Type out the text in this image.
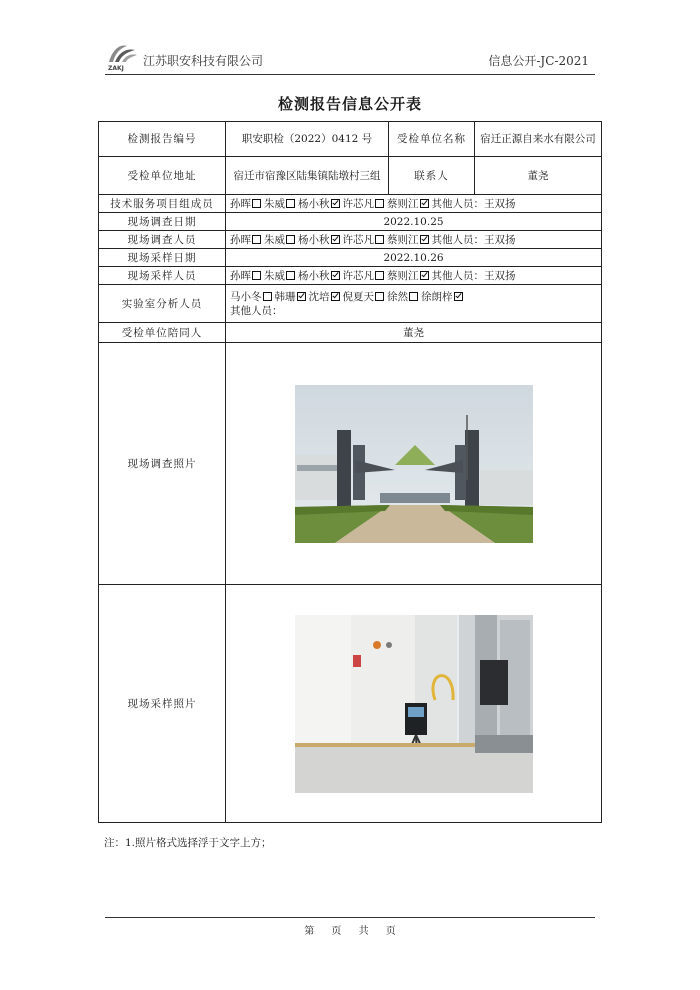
ZAKJ
江苏职安科技有限公司	信息公开-JC-2021
检测报告信息公开表
检测报告编号	职安职检（2022）0412 号	受检单位名称	宿迁正源自来水有限公司
受检单位地址	宿迁市宿豫区陆集镇陆墩村三组	联系人	董尧
技术服务项目组成员	孙晖 朱威 杨小秋 许芯凡 蔡则江 其他人员：王双扬		
现场调查日期	2022.10.25		
现场调查人员	孙晖 朱威 杨小秋 许芯凡 蔡则江 其他人员：王双扬		
现场采样日期	2022.10.26		
现场采样人员	孙晖 朱威 杨小秋 许芯凡 蔡则江 其他人员：王双扬		
实验室分析人员	马小冬 韩珊 沈培 倪夏天 徐然 徐朗梓
其他人员：		
受检单位陪同人	董尧		
现场调查照片	

现场采样照片	
注：1.照片格式选择浮于文字上方；
第 页 共 页
